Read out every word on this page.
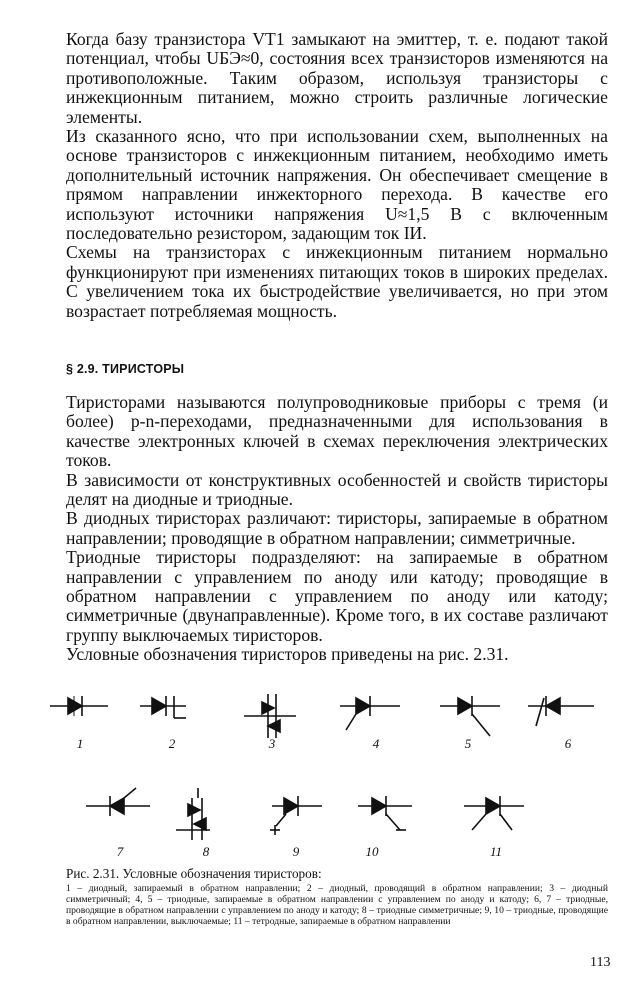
Когда базу транзистора VT1 замыкают на эмиттер, т. е. подают такой потенциал, чтобы UБЭ≈0, состояния всех транзисторов изменяются на противоположные. Таким образом, используя транзисторы с инжекционным питанием, можно строить различные логические элементы.

Из сказанного ясно, что при использовании схем, выполненных на основе транзисторов с инжекционным питанием, необходимо иметь дополнительный источник напряжения. Он обеспечивает смещение в прямом направлении инжекторного перехода. В качестве его используют источники напряжения U≈1,5 В с включенным последовательно резистором, задающим ток IИ.

Схемы на транзисторах с инжекционным питанием нормально функционируют при изменениях питающих токов в широких пределах. С увеличением тока их быстродействие увеличивается, но при этом возрастает потребляемая мощность.

§ 2.9. ТИРИСТОРЫ

Тиристорами называются полупроводниковые приборы с тремя (и более) p-n-переходами, предназначенными для использования в качестве электронных ключей в схемах переключения электрических токов.

В зависимости от конструктивных особенностей и свойств тиристоры делят на диодные и триодные.

В диодных тиристорах различают: тиристоры, запираемые в обратном направлении; проводящие в обратном направлении; симметричные.

Триодные тиристоры подразделяют: на запираемые в обратном направлении с управлением по аноду или катоду; проводящие в обратном направлении с управлением по аноду или катоду; симметричные (двунаправленные). Кроме того, в их составе различают группу выключаемых тиристоров.

Условные обозначения тиристоров приведены на рис. 2.31.

1	2	3	4	5	6
7	8	9	10	11
Рис. 2.31. Условные обозначения тиристоров:
1 – диодный, запираемый в обратном направлении; 2 – диодный, проводящий в обратном направлении; 3 – диодный симметричный; 4, 5 – триодные, запираемые в обратном направлении с управлением по аноду и катоду; 6, 7 – триодные, проводящие в обратном направлении с управлением по аноду и катоду; 8 – триодные симметричные; 9, 10 – триодные, проводящие в обратном направлении, выключаемые; 11 – тетродные, запираемые в обратном направлении
113
